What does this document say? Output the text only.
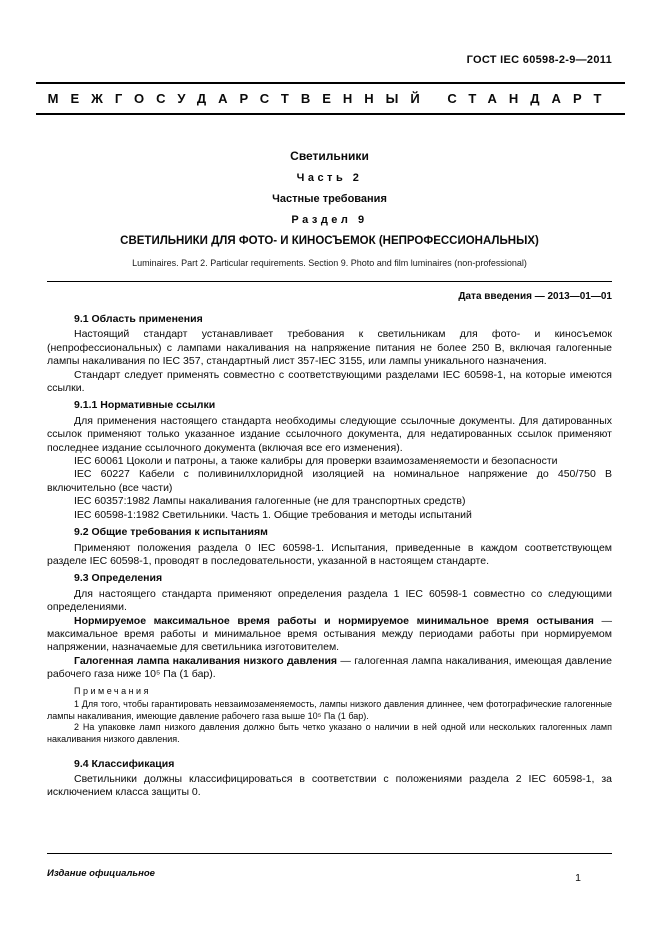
ГОСТ IEC 60598-2-9—2011
МЕЖГОСУДАРСТВЕННЫЙ СТАНДАРТ
Светильники
Часть 2
Частные требования
Раздел 9
СВЕТИЛЬНИКИ ДЛЯ ФОТО- И КИНОСЪЕМОК (НЕПРОФЕССИОНАЛЬНЫХ)
Luminaires. Part 2. Particular requirements. Section 9. Photo and film luminaires (non-professional)
Дата введения — 2013—01—01

9.1 Область применения

Настоящий стандарт устанавливает требования к светильникам для фото- и киносъемок (непрофессиональных) с лампами накаливания на напряжение питания не более 250 В, включая галогенные лампы накаливания по IEC 357, стандартный лист 357-IEC 3155, или лампы уникального назначения.

Стандарт следует применять совместно с соответствующими разделами IEC 60598-1, на которые имеются ссылки.

9.1.1 Нормативные ссылки

Для применения настоящего стандарта необходимы следующие ссылочные документы. Для датированных ссылок применяют только указанное издание ссылочного документа, для недатированных ссылок применяют последнее издание ссылочного документа (включая все его изменения).

IEC 60061 Цоколи и патроны, а также калибры для проверки взаимозаменяемости и безопасности

IEC 60227 Кабели с поливинилхлоридной изоляцией на номинальное напряжение до 450/750 В включительно (все части)

IEC 60357:1982 Лампы накаливания галогенные (не для транспортных средств)

IEC 60598-1:1982 Светильники. Часть 1. Общие требования и методы испытаний

9.2 Общие требования к испытаниям

Применяют положения раздела 0 IEC 60598-1. Испытания, приведенные в каждом соответствующем разделе IEC 60598-1, проводят в последовательности, указанной в настоящем стандарте.

9.3 Определения

Для настоящего стандарта применяют определения раздела 1 IEC 60598-1 совместно со следующими определениями.

Нормируемое максимальное время работы и нормируемое минимальное время остывания — максимальное время работы и минимальное время остывания между периодами работы при нормируемом напряжении, назначаемые для светильника изготовителем.

Галогенная лампа накаливания низкого давления — галогенная лампа накаливания, имеющая давление рабочего газа ниже 10⁵ Па (1 бар).

Примечания

1 Для того, чтобы гарантировать невзаимозаменяемость, лампы низкого давления длиннее, чем фотографические галогенные лампы накаливания, имеющие давление рабочего газа выше 10⁵ Па (1 бар).

2 На упаковке ламп низкого давления должно быть четко указано о наличии в ней одной или нескольких галогенных ламп накаливания низкого давления.

9.4 Классификация

Светильники должны классифицироваться в соответствии с положениями раздела 2 IEC 60598-1, за исключением класса защиты 0.

Издание официальное	1
